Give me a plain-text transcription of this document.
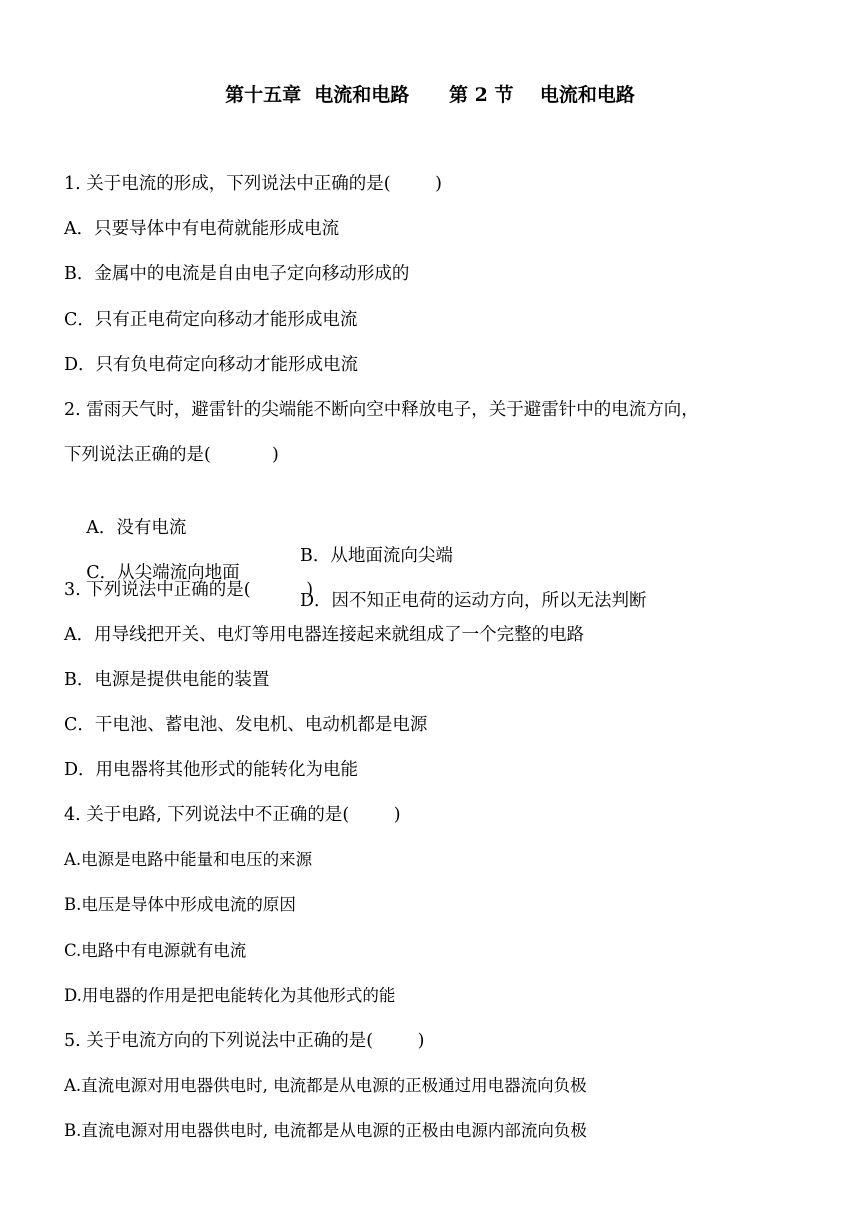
第十五章  电流和电路      第 2 节    电流和电路
1. 关于电流的形成，下列说法中正确的是(        )
A．只要导体中有电荷就能形成电流
B．金属中的电流是自由电子定向移动形成的
C．只有正电荷定向移动才能形成电流
D．只有负电荷定向移动才能形成电流
2. 雷雨天气时，避雷针的尖端能不断向空中释放电子，关于避雷针中的电流方向，
下列说法正确的是(           )

A．没有电流

B．从地面流向尖端

C．从尖端流向地面

D．因不知正电荷的运动方向，所以无法判断

3. 下列说法中正确的是(          )
A．用导线把开关、电灯等用电器连接起来就组成了一个完整的电路
B．电源是提供电能的装置
C．干电池、蓄电池、发电机、电动机都是电源
D．用电器将其他形式的能转化为电能
4. 关于电路, 下列说法中不正确的是(        )
A.电源是电路中能量和电压的来源
B.电压是导体中形成电流的原因
C.电路中有电源就有电流
D.用电器的作用是把电能转化为其他形式的能
5. 关于电流方向的下列说法中正确的是(        )
A.直流电源对用电器供电时, 电流都是从电源的正极通过用电器流向负极
B.直流电源对用电器供电时, 电流都是从电源的正极由电源内部流向负极
